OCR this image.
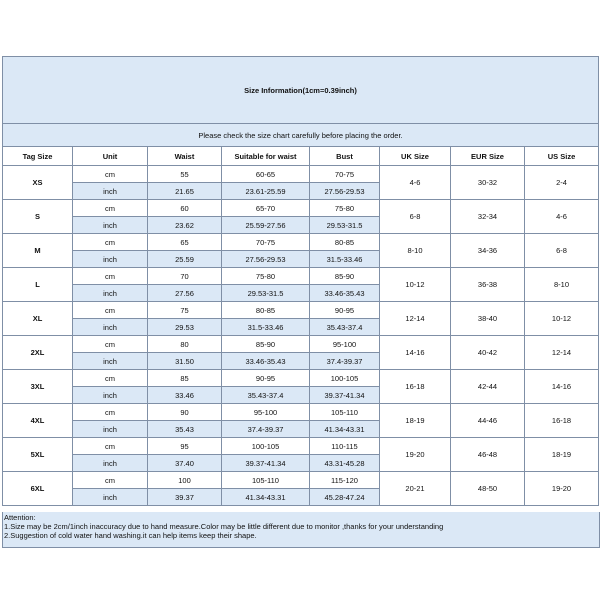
Size Information(1cm=0.39inch)							
Please check the size chart carefully before placing the order.							
Tag Size	Unit	Waist	Suitable for waist	Bust	UK Size	EUR Size	US Size
XS	cm	55	60-65	70-75	4-6	30-32	2-4
	inch	21.65	23.61-25.59	27.56-29.53			
S	cm	60	65-70	75-80	6-8	32-34	4-6
	inch	23.62	25.59-27.56	29.53-31.5			
M	cm	65	70-75	80-85	8-10	34-36	6-8
	inch	25.59	27.56-29.53	31.5-33.46			
L	cm	70	75-80	85-90	10-12	36-38	8-10
	inch	27.56	29.53-31.5	33.46-35.43			
XL	cm	75	80-85	90-95	12-14	38-40	10-12
	inch	29.53	31.5-33.46	35.43-37.4			
2XL	cm	80	85-90	95-100	14-16	40-42	12-14
	inch	31.50	33.46-35.43	37.4-39.37			
3XL	cm	85	90-95	100-105	16-18	42-44	14-16
	inch	33.46	35.43-37.4	39.37-41.34			
4XL	cm	90	95-100	105-110	18-19	44-46	16-18
	inch	35.43	37.4-39.37	41.34-43.31			
5XL	cm	95	100-105	110-115	19-20	46-48	18-19
	inch	37.40	39.37-41.34	43.31-45.28			
6XL	cm	100	105-110	115-120	20-21	48-50	19-20
	inch	39.37	41.34-43.31	45.28-47.24			
Attention:
1.Size may be 2cm/1inch inaccuracy due to hand measure.Color may be little different due to monitor ,thanks for your understanding
2.Suggestion of cold water hand washing.it can help items keep their shape.
